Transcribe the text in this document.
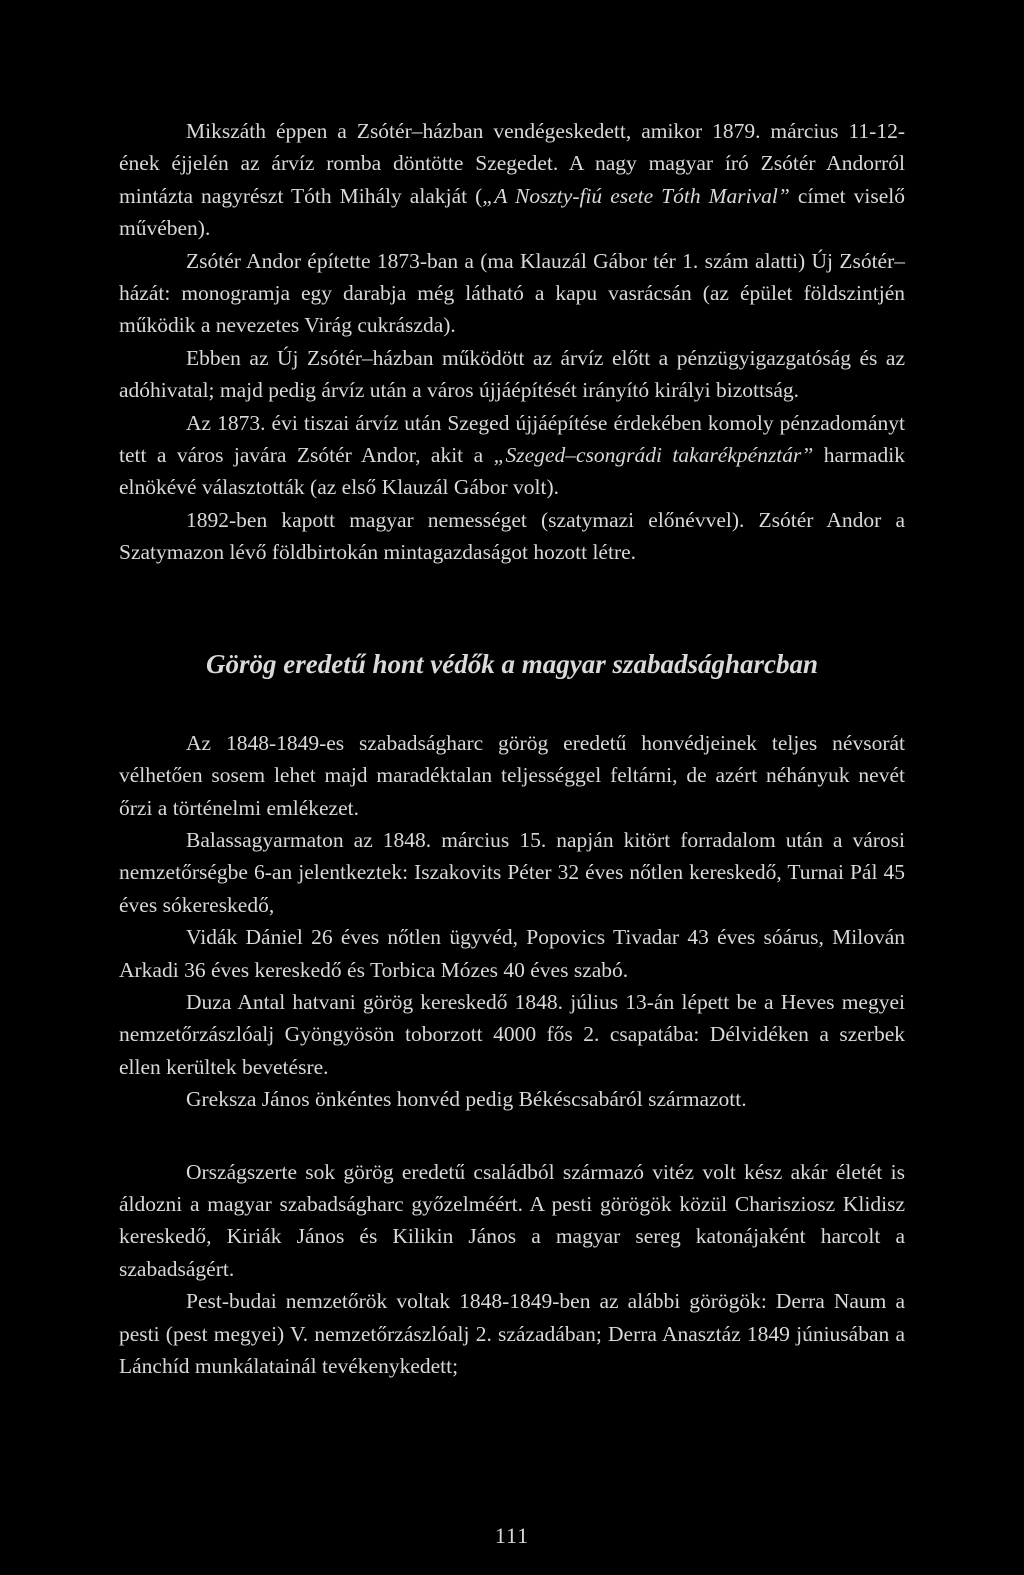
Mikszáth éppen a Zsótér–házban vendégeskedett, amikor 1879. március 11-12-ének éjjelén az árvíz romba döntötte Szegedet. A nagy magyar író Zsótér Andorról mintázta nagyrészt Tóth Mihály alakját („A Noszty-fiú esete Tóth Marival” címet viselő művében).

Zsótér Andor építette 1873-ban a (ma Klauzál Gábor tér 1. szám alatti) Új Zsótér–házát: monogramja egy darabja még látható a kapu vasrácsán (az épület földszintjén működik a nevezetes Virág cukrászda).

Ebben az Új Zsótér–házban működött az árvíz előtt a pénzügyigazgatóság és az adóhivatal; majd pedig árvíz után a város újjáépítését irányító királyi bizottság.

Az 1873. évi tiszai árvíz után Szeged újjáépítése érdekében komoly pénzadományt tett a város javára Zsótér Andor, akit a „Szeged–csongrádi takarékpénztár” harmadik elnökévé választották (az első Klauzál Gábor volt).

1892-ben kapott magyar nemességet (szatymazi előnévvel). Zsótér Andor a Szatymazon lévő földbirtokán mintagazdaságot hozott létre.

Görög eredetű hont védők a magyar szabadságharcban

Az 1848-1849-es szabadságharc görög eredetű honvédjeinek teljes névsorát vélhetően sosem lehet majd maradéktalan teljességgel feltárni, de azért néhányuk nevét őrzi a történelmi emlékezet.

Balassagyarmaton az 1848. március 15. napján kitört forradalom után a városi nemzetőrségbe 6-an jelentkeztek: Iszakovits Péter 32 éves nőtlen kereskedő, Turnai Pál 45 éves sókereskedő,

Vidák Dániel 26 éves nőtlen ügyvéd, Popovics Tivadar 43 éves sóárus, Milován Arkadi 36 éves kereskedő és Torbica Mózes 40 éves szabó.

Duza Antal hatvani görög kereskedő 1848. július 13-án lépett be a Heves megyei nemzetőrzászlóalj Gyöngyösön toborzott 4000 fős 2. csapatába: Délvidéken a szerbek ellen kerültek bevetésre.

Greksza János önkéntes honvéd pedig Békéscsabáról származott.

Országszerte sok görög eredetű családból származó vitéz volt kész akár életét is áldozni a magyar szabadságharc győzelméért. A pesti görögök közül Charisziosz Klidisz kereskedő, Kiriák János és Kilikin János a magyar sereg katonájaként harcolt a szabadságért.

Pest-budai nemzetőrök voltak 1848-1849-ben az alábbi görögök: Derra Naum a pesti (pest megyei) V. nemzetőrzászlóalj 2. századában; Derra Anasztáz 1849 júniusában a Lánchíd munkálatainál tevékenykedett;

111
